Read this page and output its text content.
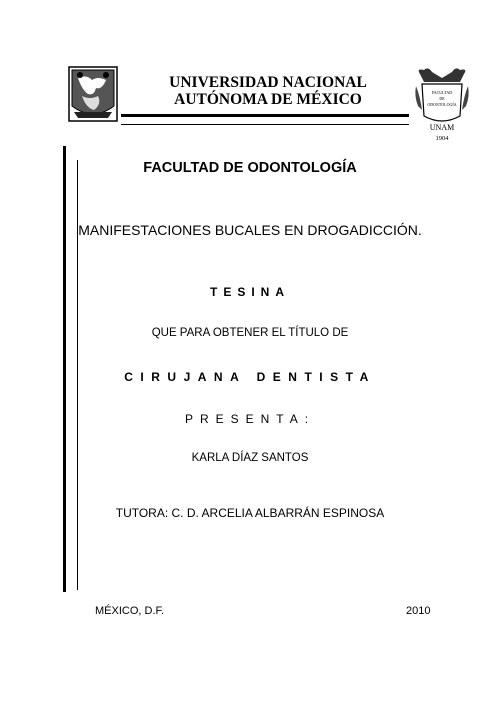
UNIVERSIDAD NACIONAL AUTÓNOMA DE MÉXICO	FACULTAD
DE
ODONTOLOGÍA
UNAM
1904
FACULTAD DE ODONTOLOGÍA
MANIFESTACIONES BUCALES EN DROGADICCIÓN.
TESINA
QUE PARA OBTENER EL TÍTULO DE
CIRUJANA DENTISTA
PRESENTA:
KARLA DÍAZ SANTOS
TUTORA: C. D. ARCELIA ALBARRÁN ESPINOSA
MÉXICO, D.F.	2010
